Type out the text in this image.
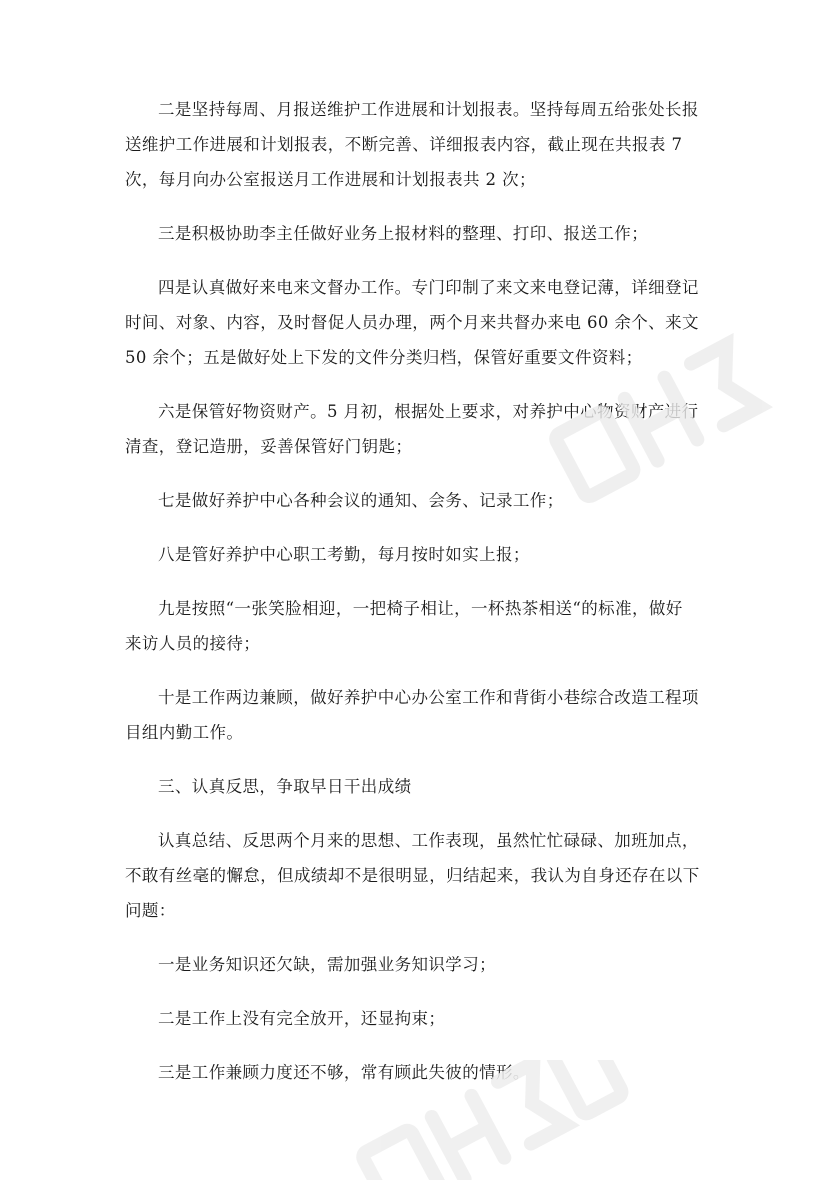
二是坚持每周、月报送维护工作进展和计划报表。坚持每周五给张处长报
送维护工作进展和计划报表，不断完善、详细报表内容，截止现在共报表 7
次，每月向办公室报送月工作进展和计划报表共 2 次；

三是积极协助李主任做好业务上报材料的整理、打印、报送工作；

四是认真做好来电来文督办工作。专门印制了来文来电登记薄，详细登记
时间、对象、内容，及时督促人员办理，两个月来共督办来电 60 余个、来文
50 余个；五是做好处上下发的文件分类归档，保管好重要文件资料；

六是保管好物资财产。5 月初，根据处上要求，对养护中心物资财产进行
清查，登记造册，妥善保管好门钥匙；

七是做好养护中心各种会议的通知、会务、记录工作；

八是管好养护中心职工考勤，每月按时如实上报；

九是按照“一张笑脸相迎，一把椅子相让，一杯热茶相送“的标准，做好
来访人员的接待；

十是工作两边兼顾，做好养护中心办公室工作和背街小巷综合改造工程项
目组内勤工作。

三、认真反思，争取早日干出成绩

认真总结、反思两个月来的思想、工作表现，虽然忙忙碌碌、加班加点，
不敢有丝毫的懈怠，但成绩却不是很明显，归结起来，我认为自身还存在以下
问题：

一是业务知识还欠缺，需加强业务知识学习；

二是工作上没有完全放开，还显拘束；

三是工作兼顾力度还不够，常有顾此失彼的情形。
